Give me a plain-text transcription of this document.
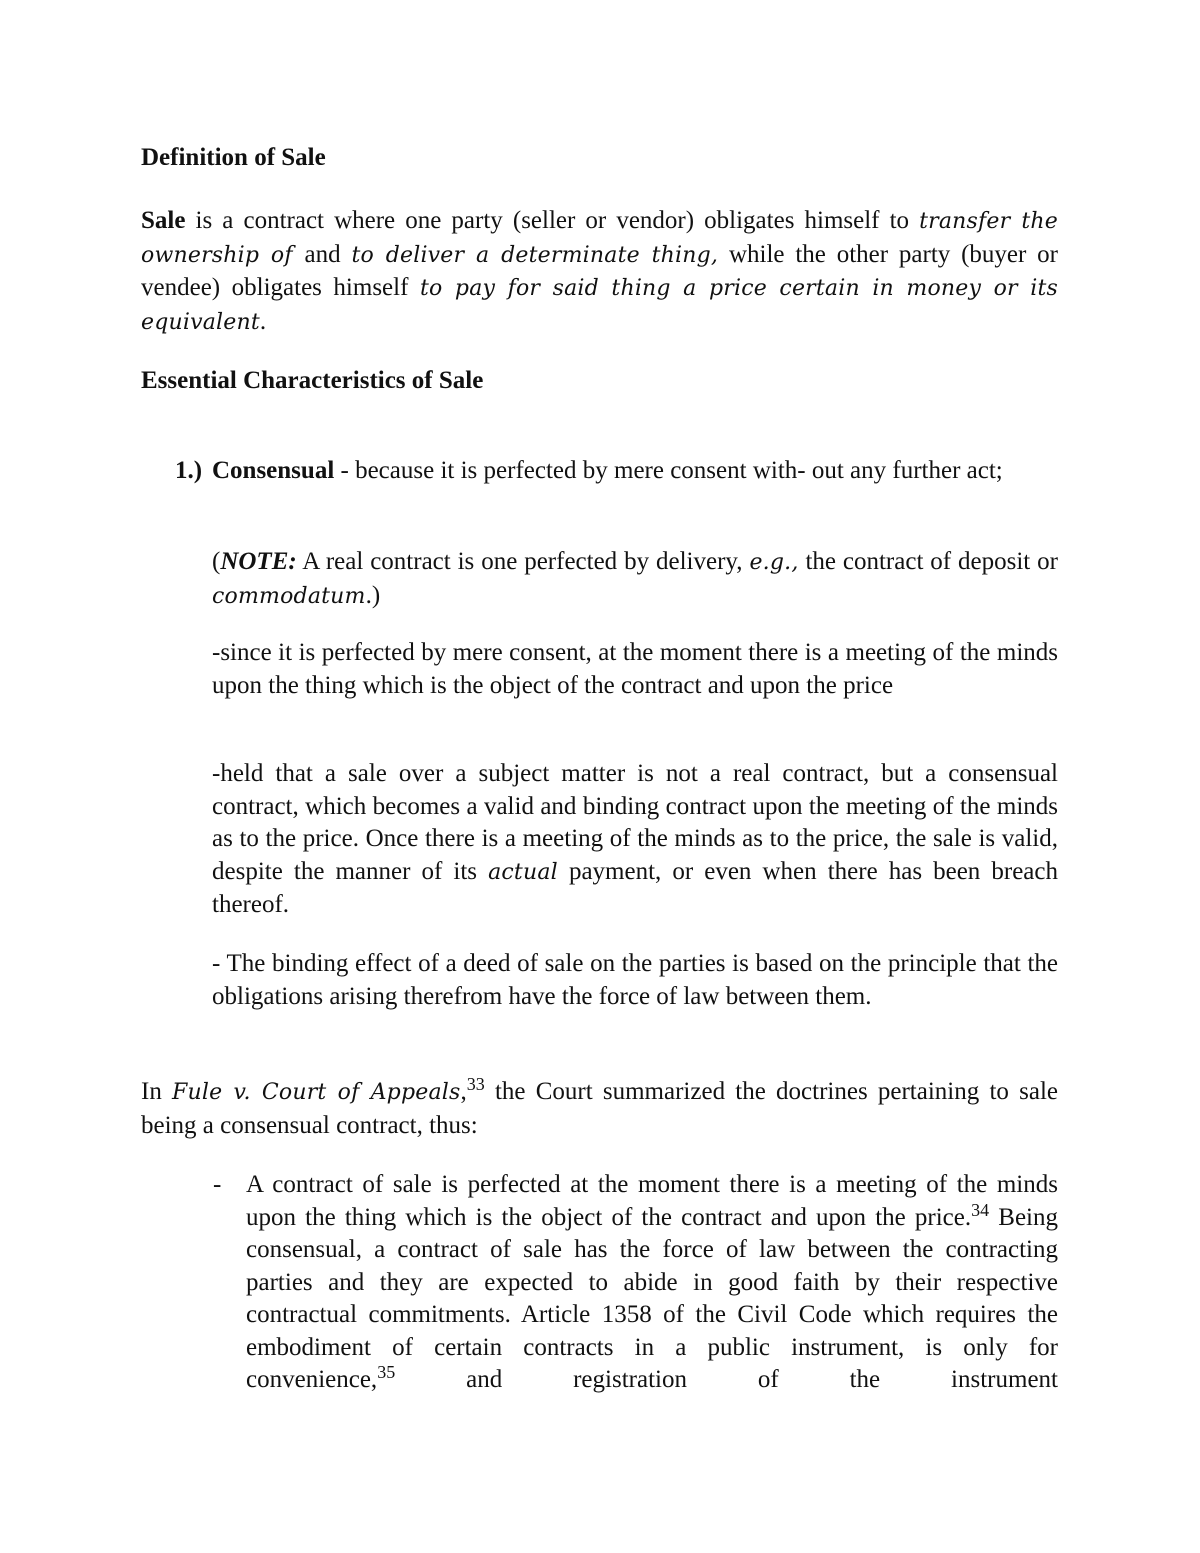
Definition of Sale

Sale is a contract where one party (seller or vendor) obligates himself to transfer the ownership of and to deliver a determinate thing, while the other party (buyer or vendee) obligates himself to pay for said thing a price certain in money or its equivalent.

Essential Characteristics of Sale
1.) Consensual - because it is perfected by mere consent with- out any further act;

(NOTE: A real contract is one perfected by delivery, e.g., the contract of deposit or commodatum.)

-since it is perfected by mere consent, at the moment there is a meeting of the minds upon the thing which is the object of the contract and upon the price

-held that a sale over a subject matter is not a real contract, but a consensual contract, which becomes a valid and binding contract upon the meeting of the minds as to the price. Once there is a meeting of the minds as to the price, the sale is valid, despite the manner of its actual payment, or even when there has been breach thereof.

- The binding effect of a deed of sale on the parties is based on the principle that the obligations arising therefrom have the force of law between them.

In Fule v. Court of Appeals,$^{33}$ the Court summarized the doctrines pertaining to sale being a consensual contract, thus:

- A contract of sale is perfected at the moment there is a meeting of the minds upon the thing which is the object of the contract and upon the price.$^{34}$ Being consensual, a contract of sale has the force of law between the contracting parties and they are expected to abide in good faith by their respective contractual commitments. Article 1358 of the Civil Code which requires the embodiment of certain contracts in a public instrument, is only for convenience,$^{35}$ and registration of the instrument
